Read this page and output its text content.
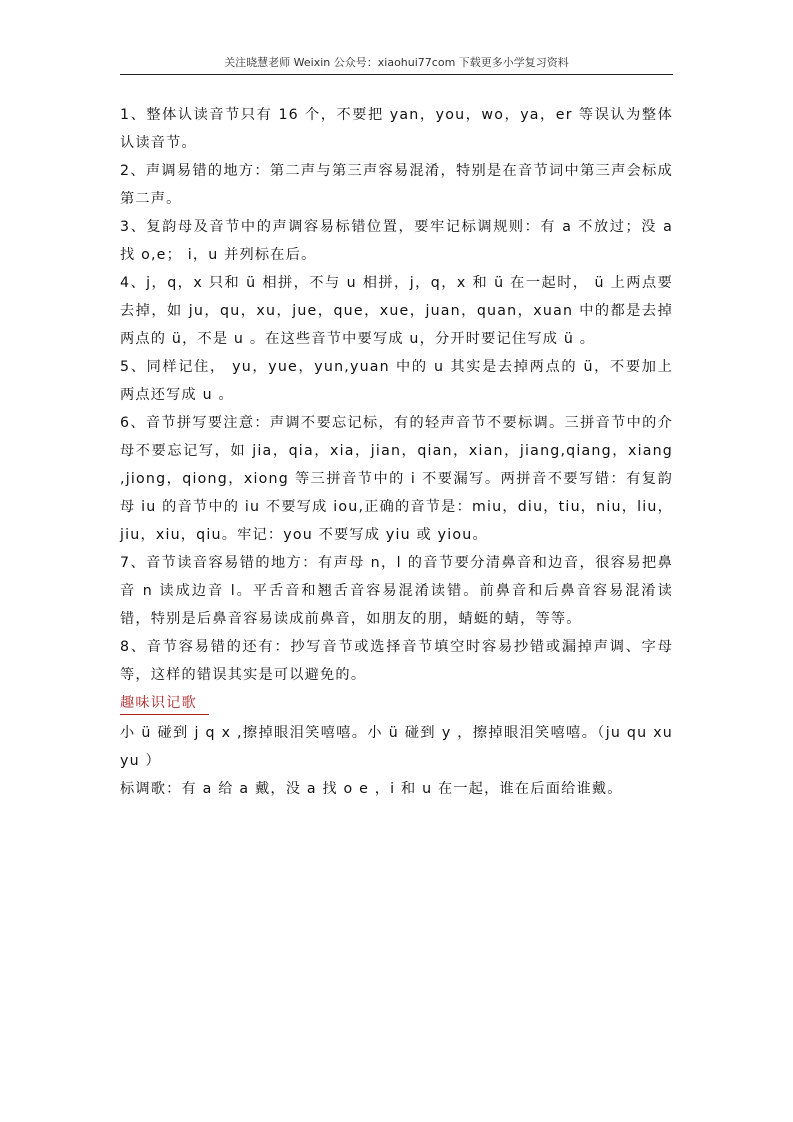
关注晓慧老师 Weixin 公众号：xiaohui77com 下载更多小学复习资料

1、整体认读音节只有 16 个，不要把 yan，you，wo，ya，er 等误认为整体认读音节。

2、声调易错的地方：第二声与第三声容易混淆，特别是在音节词中第三声会标成第二声。

3、复韵母及音节中的声调容易标错位置，要牢记标调规则：有 a 不放过；没 a 找 o,e； i，u 并列标在后。

4、j，q，x 只和 ü 相拼，不与 u 相拼，j，q，x 和 ü 在一起时， ü 上两点要去掉，如 ju，qu，xu，jue，que，xue，juan，quan，xuan 中的都是去掉两点的 ü，不是 u 。在这些音节中要写成 u，分开时要记住写成 ü 。

5、同样记住， yu，yue，yun,yuan 中的 u 其实是去掉两点的 ü，不要加上两点还写成 u 。

6、音节拼写要注意：声调不要忘记标，有的轻声音节不要标调。三拼音节中的介母不要忘记写，如 jia，qia，xia，jian，qian，xian，jiang,qiang，xiang ,jiong，qiong，xiong 等三拼音节中的 i 不要漏写。两拼音不要写错：有复韵母 iu 的音节中的 iu 不要写成 iou,正确的音节是：miu，diu，tiu，niu，liu，jiu，xiu，qiu。牢记：you 不要写成 yiu 或 yiou。

7、音节读音容易错的地方：有声母 n，l 的音节要分清鼻音和边音，很容易把鼻音 n 读成边音 l。平舌音和翘舌音容易混淆读错。前鼻音和后鼻音容易混淆读错，特别是后鼻音容易读成前鼻音，如朋友的朋，蜻蜓的蜻，等等。

8、音节容易错的还有：抄写音节或选择音节填空时容易抄错或漏掉声调、字母等，这样的错误其实是可以避免的。

趣味识记歌

小 ü 碰到 j q x ,擦掉眼泪笑嘻嘻。小 ü 碰到 y ，擦掉眼泪笑嘻嘻。（ju qu xu yu ）

标调歌：有 a 给 a 戴，没 a 找 o e ，i 和 u 在一起，谁在后面给谁戴。
